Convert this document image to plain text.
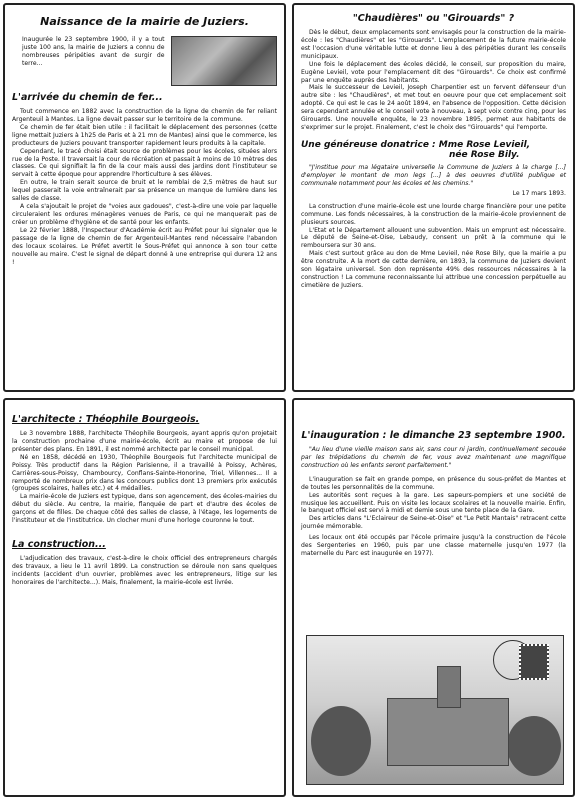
Naissance de la mairie de Juziers.

Inaugurée le 23 septembre 1900, il y a tout juste 100 ans, la mairie de Juziers a connu de nombreuses péripéties avant de surgir de terre...

L'arrivée du chemin de fer...

Tout commence en 1882 avec la construction de la ligne de chemin de fer reliant Argenteuil à Mantes. La ligne devait passer sur le territoire de la commune.

Ce chemin de fer était bien utile : il facilitait le déplacement des personnes (cette ligne mettait Juziers à 1h25 de Paris et à 21 mn de Mantes) ainsi que le commerce, les producteurs de Juziers pouvant transporter rapidement leurs produits à la capitale.

Cependant, le tracé choisi était source de problèmes pour les écoles, situées alors rue de la Poste. Il traversait la cour de récréation et passait à moins de 10 mètres des classes. Ce qui signifiait la fin de la cour mais aussi des jardins dont l'instituteur se servait à cette époque pour apprendre l'horticulture à ses élèves.

En outre, le train serait source de bruit et le remblai de 2,5 mètres de haut sur lequel passerait la voie entraînerait par sa présence un manque de lumière dans les salles de classe.

A cela s'ajoutait le projet de "voies aux gadoues", c'est-à-dire une voie par laquelle circuleraient les ordures ménagères venues de Paris, ce qui ne manquerait pas de créer un problème d'hygiène et de santé pour les enfants.

Le 22 février 1888, l'Inspecteur d'Académie écrit au Préfet pour lui signaler que le passage de la ligne de chemin de fer Argenteuil-Mantes rend nécessaire l'abandon des locaux scolaires. Le Préfet avertit le Sous-Préfet qui annonce à son tour cette nouvelle au maire. C'est le signal de départ donné à une entreprise qui durera 12 ans !

"Chaudières" ou "Girouards" ?

Dès le début, deux emplacements sont envisagés pour la construction de la mairie-école : les "Chaudières" et les "Girouards". L'emplacement de la future mairie-école est l'occasion d'une véritable lutte et donne lieu à des péripéties durant les conseils municipaux.

Une fois le déplacement des écoles décidé, le conseil, sur proposition du maire, Eugène Levieil, vote pour l'emplacement dit des "Girouards". Ce choix est confirmé par une enquête auprès des habitants.

Mais le successeur de Levieil, Joseph Charpentier est un fervent défenseur d'un autre site : les "Chaudières", et met tout en oeuvre pour que cet emplacement soit adopté. Ce qui est le cas le 24 août 1894, en l'absence de l'opposition. Cette décision sera cependant annulée et le conseil vote à nouveau, à sept voix contre cinq, pour les Girouards. Une nouvelle enquête, le 23 novembre 1895, permet aux habitants de s'exprimer sur le projet. Finalement, c'est le choix des "Girouards" qui l'emporte.

Une généreuse donatrice : Mme Rose Levieil,
née Rose Bily.
"J'institue pour ma légataire universelle la Commune de Juziers à la charge [...] d'employer le montant de mon legs [...] à des oeuvres d'utilité publique et communale notamment pour les écoles et les chemins."
Le 17 mars 1893.

La construction d'une mairie-école est une lourde charge financière pour une petite commune. Les fonds nécessaires, à la construction de la mairie-école proviennent de plusieurs sources.

L'Etat et le Département allouent une subvention. Mais un emprunt est nécessaire. Le député de Seine-et-Oise, Lebaudy, consent un prêt à la commune qui le remboursera sur 30 ans.

Mais c'est surtout grâce au don de Mme Levieil, née Rose Bily, que la mairie a pu être construite. A la mort de cette dernière, en 1893, la commune de Juziers devient son légataire universel. Son don représente 49% des ressources nécessaires à la construction ! La commune reconnaissante lui attribue une concession perpétuelle au cimetière de Juziers.

L'architecte : Théophile Bourgeois.

Le 3 novembre 1888, l'architecte Théophile Bourgeois, ayant appris qu'on projetait la construction prochaine d'une mairie-école, écrit au maire et propose de lui présenter des plans. En 1891, il est nommé architecte par le conseil municipal.

Né en 1858, décédé en 1930, Théophile Bourgeois fut l'architecte municipal de Poissy. Très productif dans la Région Parisienne, il a travaillé à Poissy, Achères, Carrières-sous-Poissy, Chambourcy, Conflans-Sainte-Honorine, Triel, Villennes... Il a remporté de nombreux prix dans les concours publics dont 13 premiers prix exécutés (groupes scolaires, halles etc.) et 4 médailles.

La mairie-école de Juziers est typique, dans son agencement, des écoles-mairies du début du siècle. Au centre, la mairie, flanquée de part et d'autre des écoles de garçons et de filles. De chaque côté des salles de classe, à l'étage, les logements de l'instituteur et de l'institutrice. Un clocher muni d'une horloge couronne le tout.

La construction...

L'adjudication des travaux, c'est-à-dire le choix officiel des entrepreneurs chargés des travaux, a lieu le 11 avril 1899. La construction se déroule non sans quelques incidents (accident d'un ouvrier, problèmes avec les entrepreneurs, litige sur les honoraires de l'architecte...). Mais, finalement, la mairie-école est livrée.

L'inauguration : le dimanche 23 septembre 1900.
"Au lieu d'une vieille maison sans air, sans cour ni jardin, continuellement secouée par les trépidations du chemin de fer, vous avez maintenant une magnifique construction où les enfants seront parfaitement."

L'inauguration se fait en grande pompe, en présence du sous-préfet de Mantes et de toutes les personnalités de la commune.

Les autorités sont reçues à la gare. Les sapeurs-pompiers et une société de musique les accueillent. Puis on visite les locaux scolaires et la nouvelle mairie. Enfin, le banquet officiel est servi à midi et demie sous une tente place de la Gare.

Des articles dans "L'Eclaireur de Seine-et-Oise" et "Le Petit Mantais" retracent cette journée mémorable.

Les locaux ont été occupés par l'école primaire jusqu'à la construction de l'école des Sergenteries en 1960, puis par une classe maternelle jusqu'en 1977 (la maternelle du Parc est inaugurée en 1977).
